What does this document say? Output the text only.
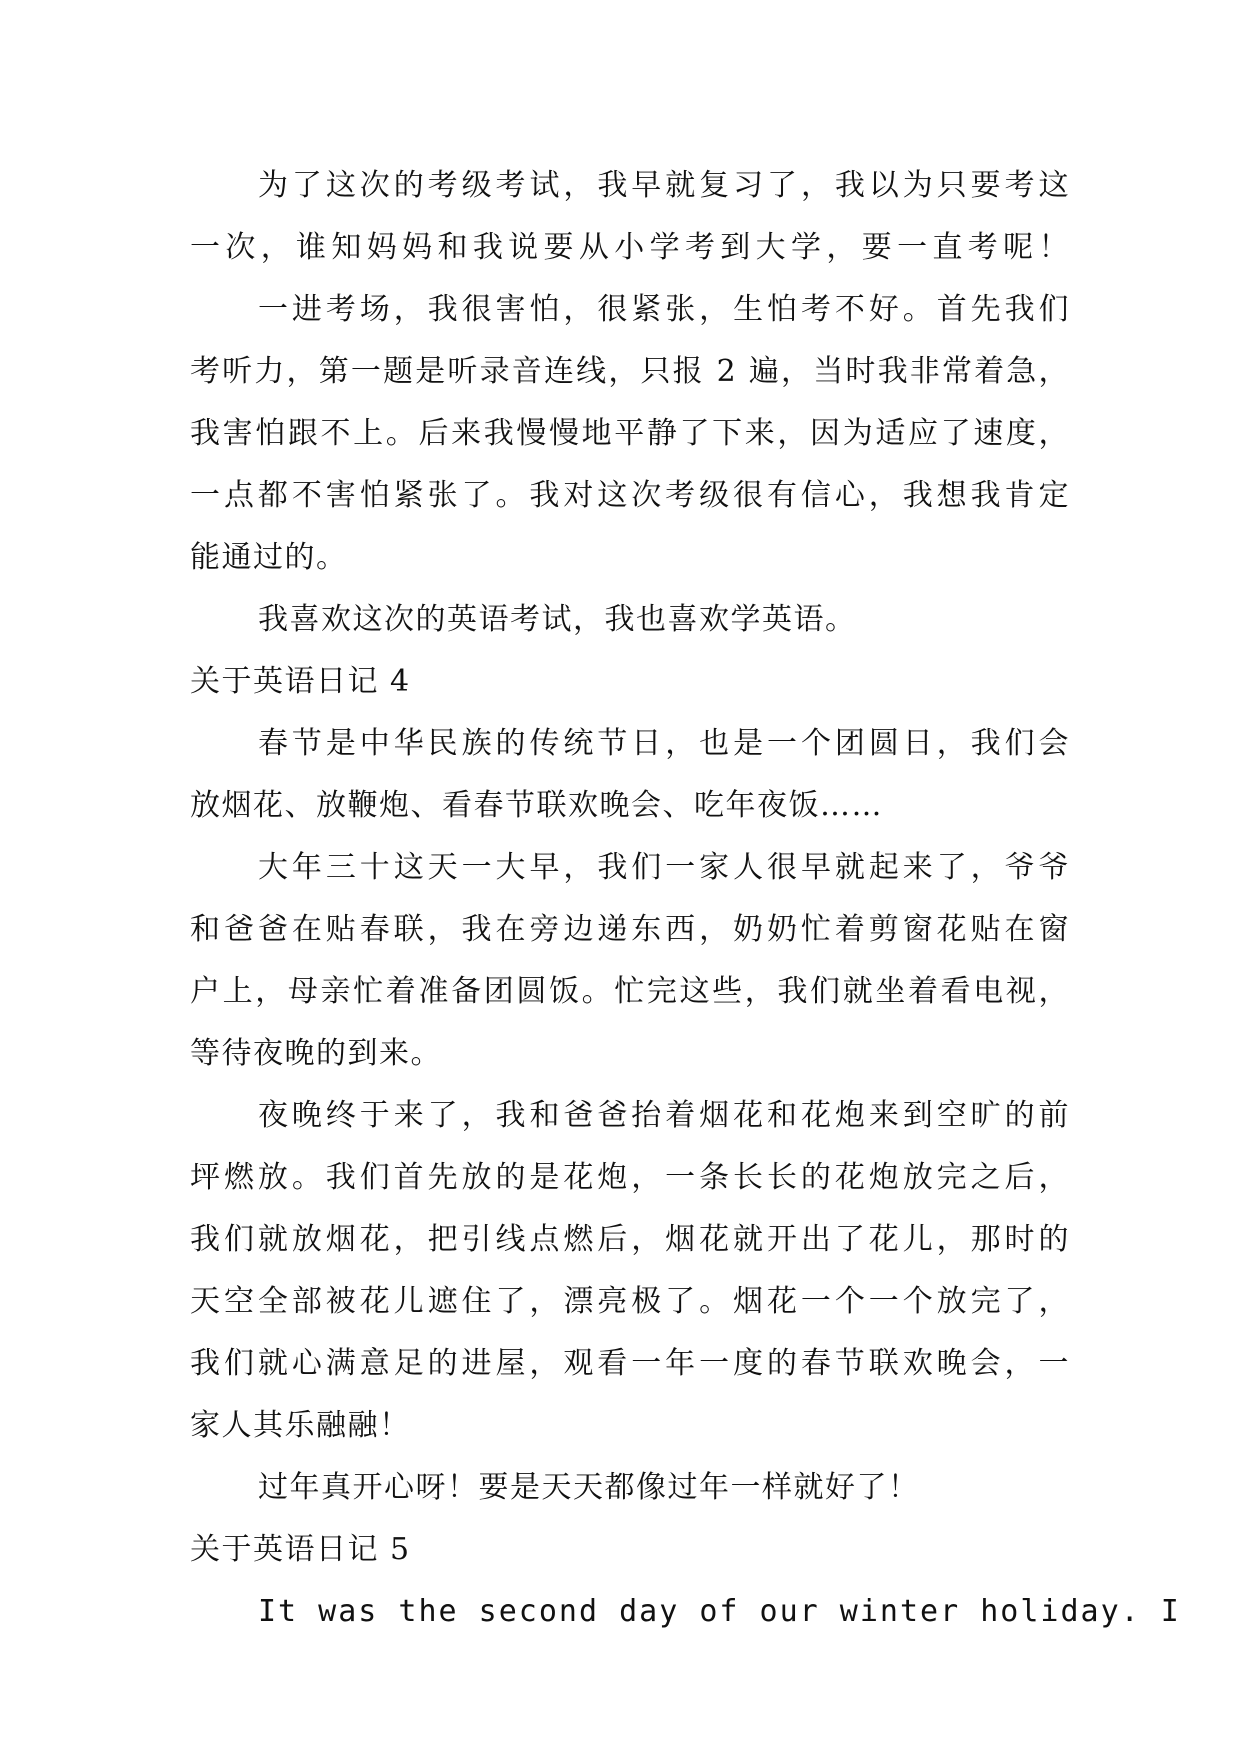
为了这次的考级考试，我早就复习了，我以为只要考这
一次，谁知妈妈和我说要从小学考到大学，要一直考呢！
一进考场，我很害怕，很紧张，生怕考不好。首先我们
考听力，第一题是听录音连线，只报 2 遍，当时我非常着急，
我害怕跟不上。后来我慢慢地平静了下来，因为适应了速度，
一点都不害怕紧张了。我对这次考级很有信心，我想我肯定
能通过的。
我喜欢这次的英语考试，我也喜欢学英语。
关于英语日记 4
春节是中华民族的传统节日，也是一个团圆日，我们会
放烟花、放鞭炮、看春节联欢晚会、吃年夜饭……
大年三十这天一大早，我们一家人很早就起来了，爷爷
和爸爸在贴春联，我在旁边递东西，奶奶忙着剪窗花贴在窗
户上，母亲忙着准备团圆饭。忙完这些，我们就坐着看电视，
等待夜晚的到来。
夜晚终于来了，我和爸爸抬着烟花和花炮来到空旷的前
坪燃放。我们首先放的是花炮，一条长长的花炮放完之后，
我们就放烟花，把引线点燃后，烟花就开出了花儿，那时的
天空全部被花儿遮住了，漂亮极了。烟花一个一个放完了，
我们就心满意足的进屋，观看一年一度的春节联欢晚会，一
家人其乐融融！
过年真开心呀！要是天天都像过年一样就好了！
关于英语日记 5
It was the second day of our winter holiday. I
